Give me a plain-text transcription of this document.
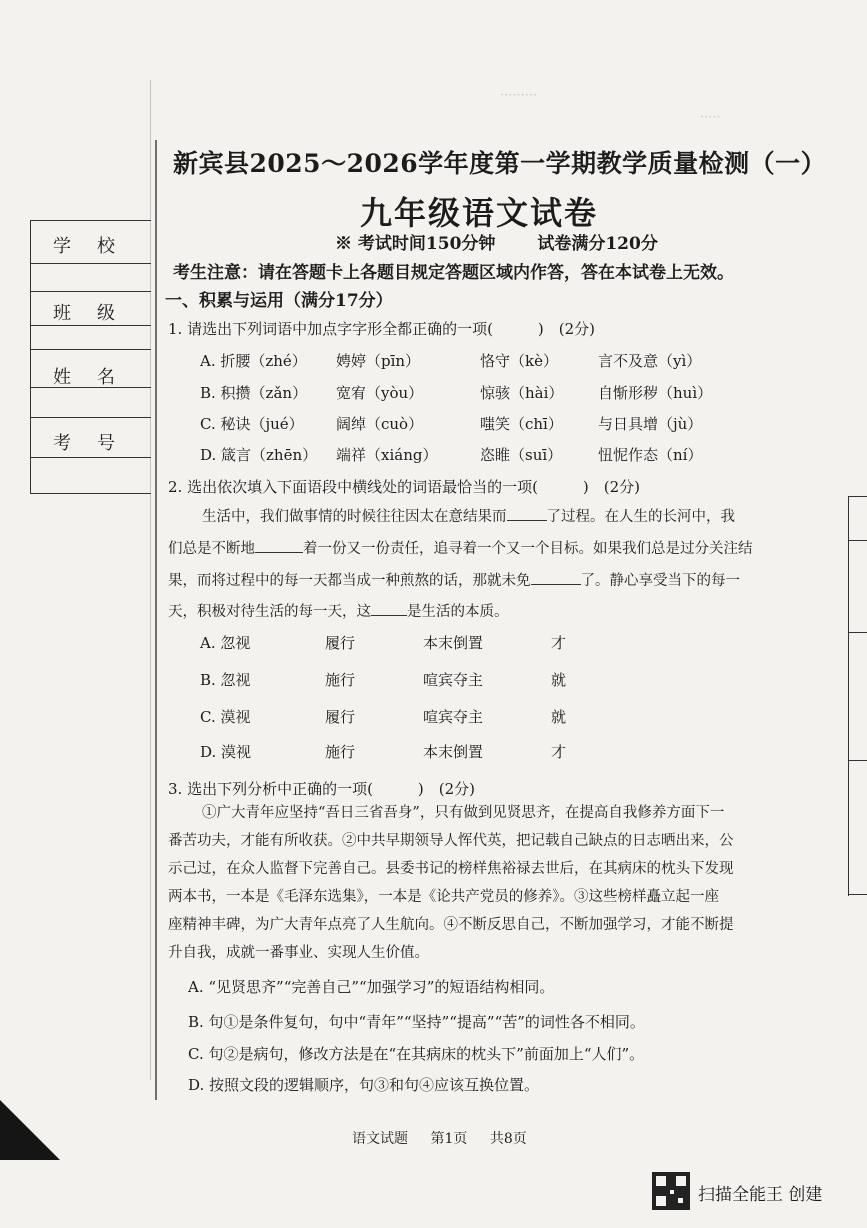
·········
·····
学校
班级
姓名
考号
新宾县2025～2026学年度第一学期教学质量检测（一）
九年级语文试卷
※ 考试时间150分钟 试卷满分120分
考生注意：请在答题卡上各题目规定答题区域内作答，答在本试卷上无效。
一、积累与运用（满分17分）
1. 请选出下列词语中加点字字形全都正确的一项(　　　)　(2分)
A. 折腰（zhé） 娉婷（pīn）	恪守（kè）	言不及意（yì）
B. 积攒（zǎn） 宽宥（yòu）	惊骇（hài） 自惭形秽（huì）
C. 秘诀（jué） 阔绰（cuò）	嗤笑（chī） 与日具增（jù）
D. 箴言（zhēn） 端祥（xiáng）	恣睢（suī） 忸怩作态（ní）
2. 选出依次填入下面语段中横线处的词语最恰当的一项(　　　)　(2分)
生活中，我们做事情的时候往往因太在意结果而	了过程。在人生的长河中，我
们总是不断地	着一份又一份责任，追寻着一个又一个目标。如果我们总是过分关注结
果，而将过程中的每一天都当成一种煎熬的话，那就未免	了。静心享受当下的每一
天，积极对待生活的每一天，这 是生活的本质。
A. 忽视	履行	本末倒置	才
B. 忽视	施行	喧宾夺主	就
C. 漠视	履行	喧宾夺主	就
D. 漠视	施行	本末倒置	才
3. 选出下列分析中正确的一项(　　　)　(2分)
①广大青年应坚持“吾日三省吾身”，只有做到见贤思齐，在提高自我修养方面下一
番苦功夫，才能有所收获。②中共早期领导人恽代英，把记载自己缺点的日志晒出来，公
示己过，在众人监督下完善自己。县委书记的榜样焦裕禄去世后，在其病床的枕头下发现
两本书，一本是《毛泽东选集》，一本是《论共产党员的修养》。③这些榜样矗立起一座
座精神丰碑，为广大青年点亮了人生航向。④不断反思自己，不断加强学习，才能不断提
升自我，成就一番事业、实现人生价值。
A. “见贤思齐”“完善自己”“加强学习”的短语结构相同。
B. 句①是条件复句，句中“青年”“坚持”“提高”“苦”的词性各不相同。
C. 句②是病句，修改方法是在“在其病床的枕头下”前面加上“人们”。
D. 按照文段的逻辑顺序，句③和句④应该互换位置。
语文试题 第1页 共8页
扫描全能王 创建
